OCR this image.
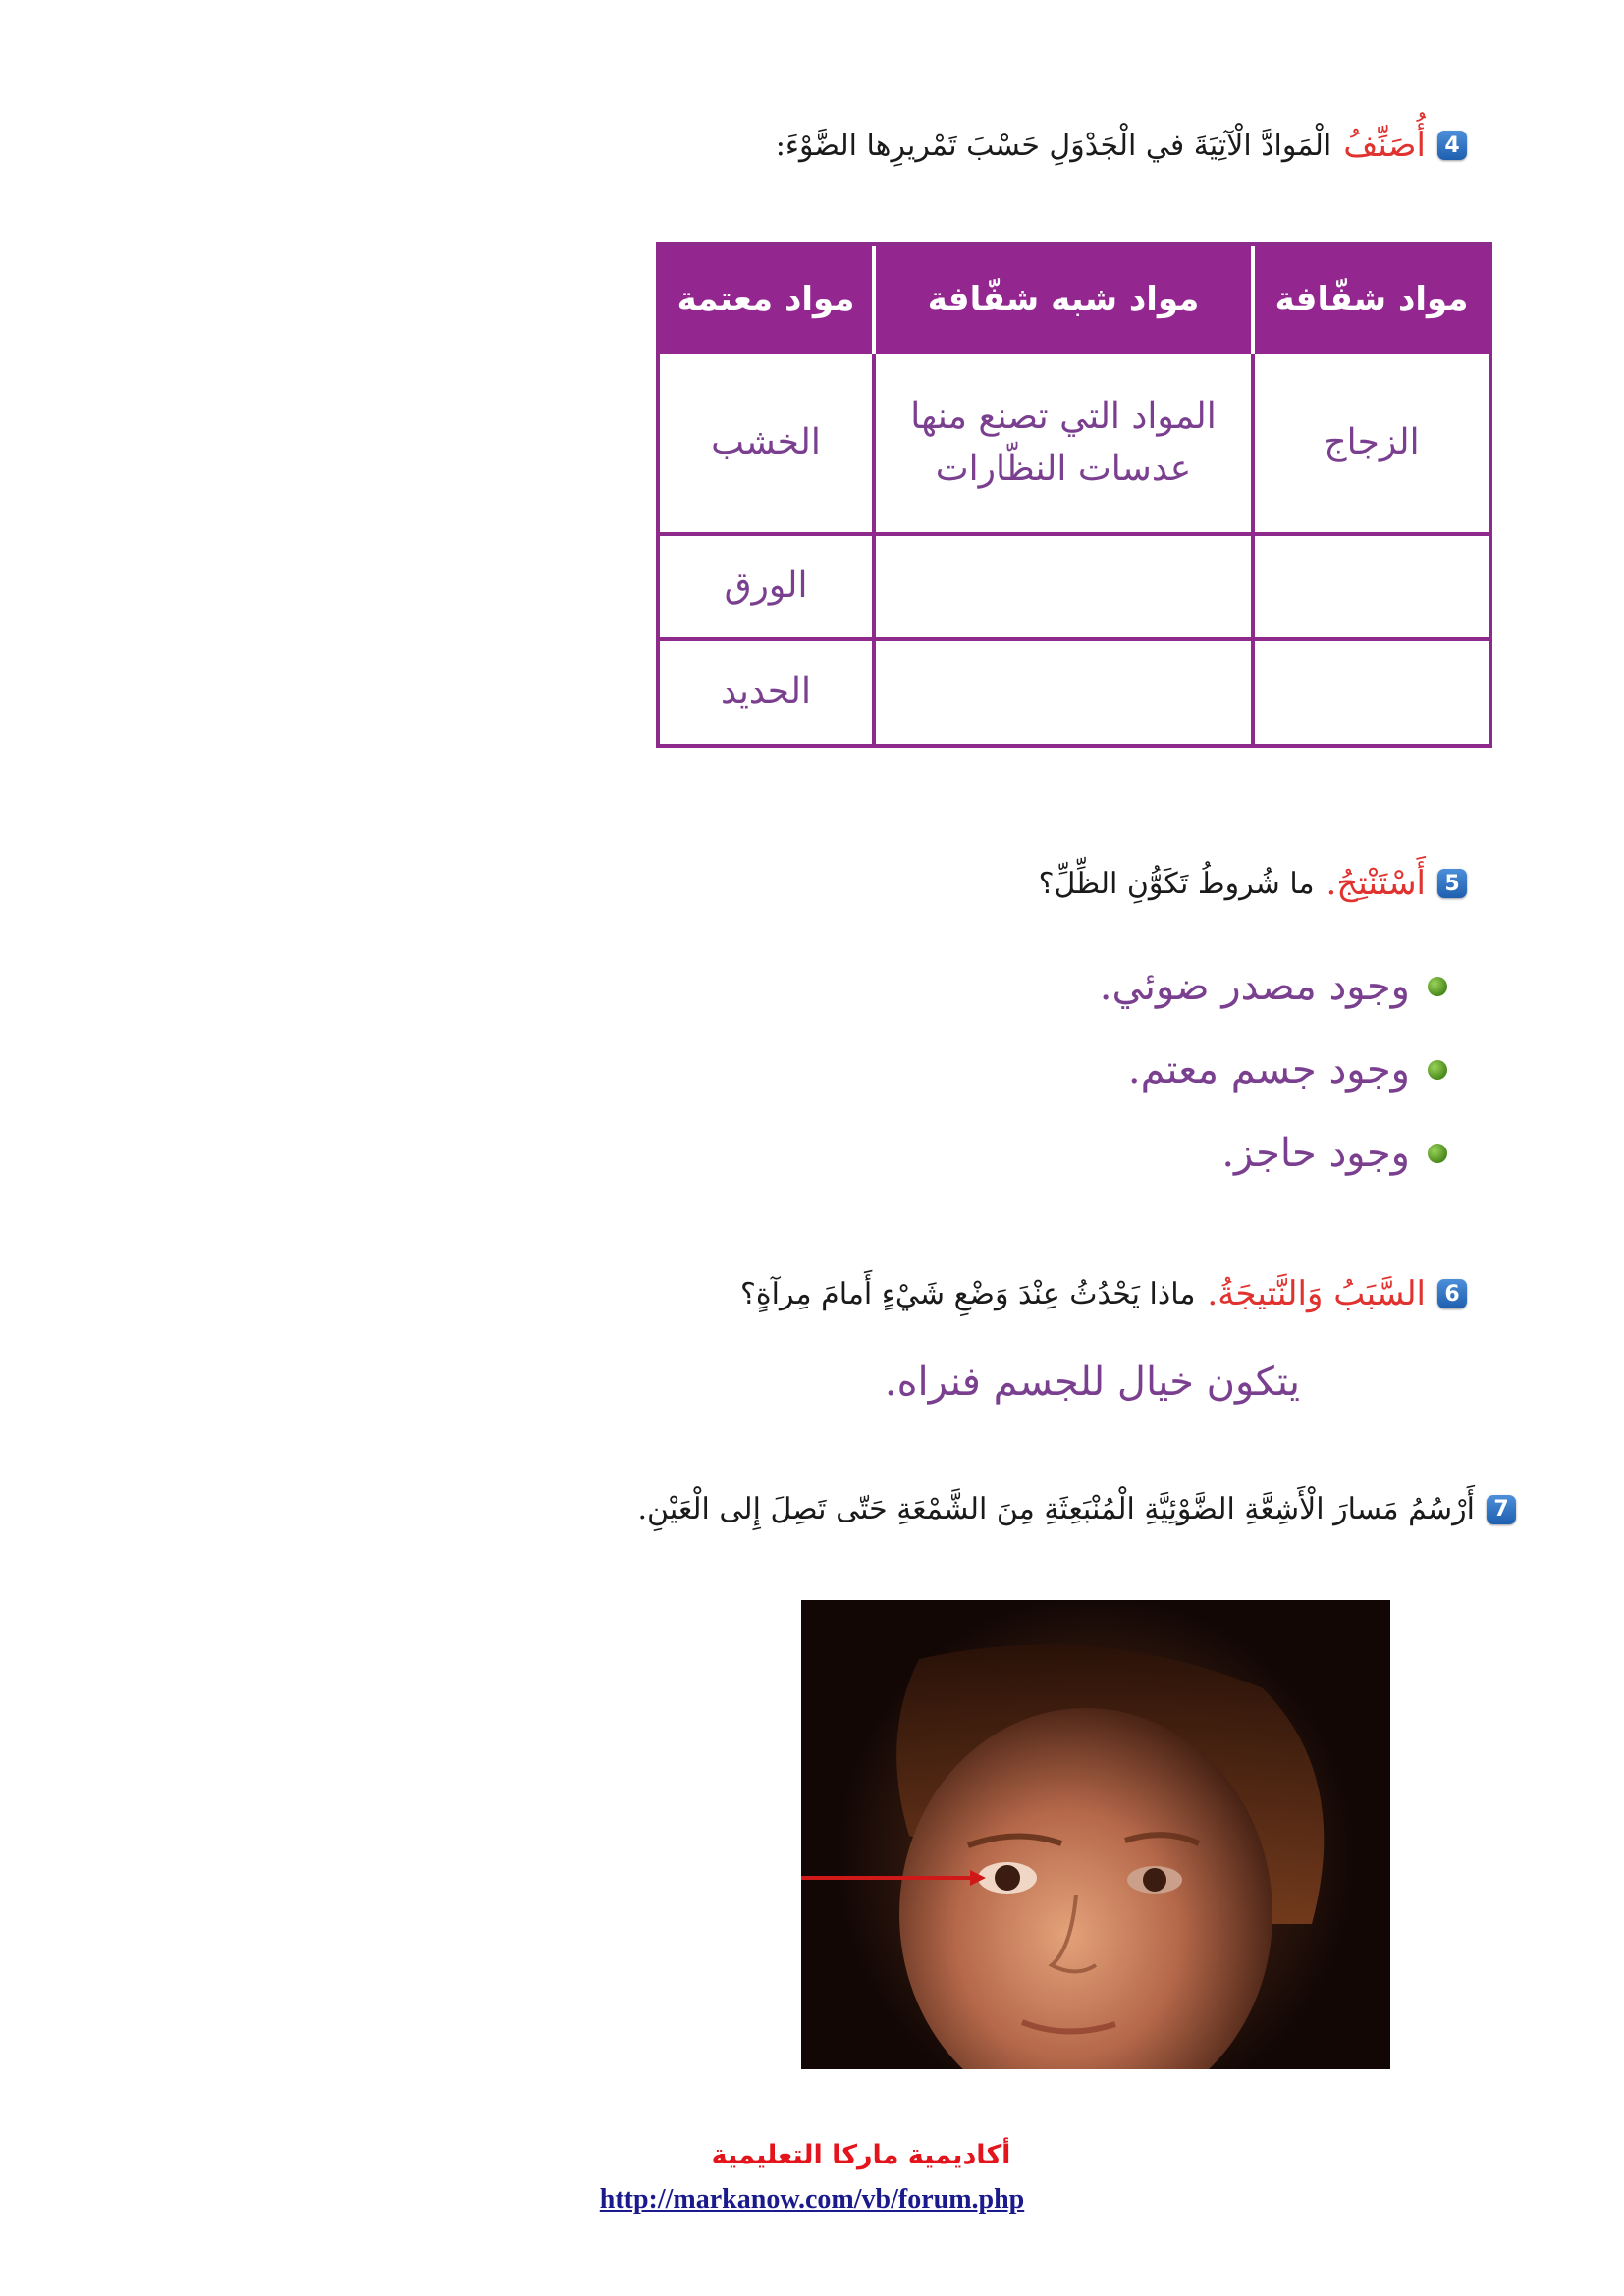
4
أُصَنِّفُ
الْمَوادَّ الْآتِيَةَ في الْجَدْوَلِ حَسْبَ تَمْريرِها الضَّوْءَ:
مواد معتمة	مواد شبه شفّافة	مواد شفّافة
الخشب
المواد التي تصنع منها عدسات النظّارات
الزجاج
الورق
الحديد
5
أَسْتَنْتِجُ.
ما شُروطُ تَكَوُّنِ الظِّلِّ؟
وجود مصدر ضوئي.
وجود جسم معتم.
وجود حاجز.
6
السَّبَبُ وَالنَّتيجَةُ.
ماذا يَحْدُثُ عِنْدَ وَضْعِ شَيْءٍ أَمامَ مِرآةٍ؟
يتكون خيال للجسم فنراه.
7
أَرْسُمُ مَسارَ الْأَشِعَّةِ الضَّوْئِيَّةِ الْمُنْبَعِثَةِ مِنَ الشَّمْعَةِ حَتّى تَصِلَ إِلى الْعَيْنِ.
أكاديمية ماركا التعليمية
http://markanow.com/vb/forum.php
